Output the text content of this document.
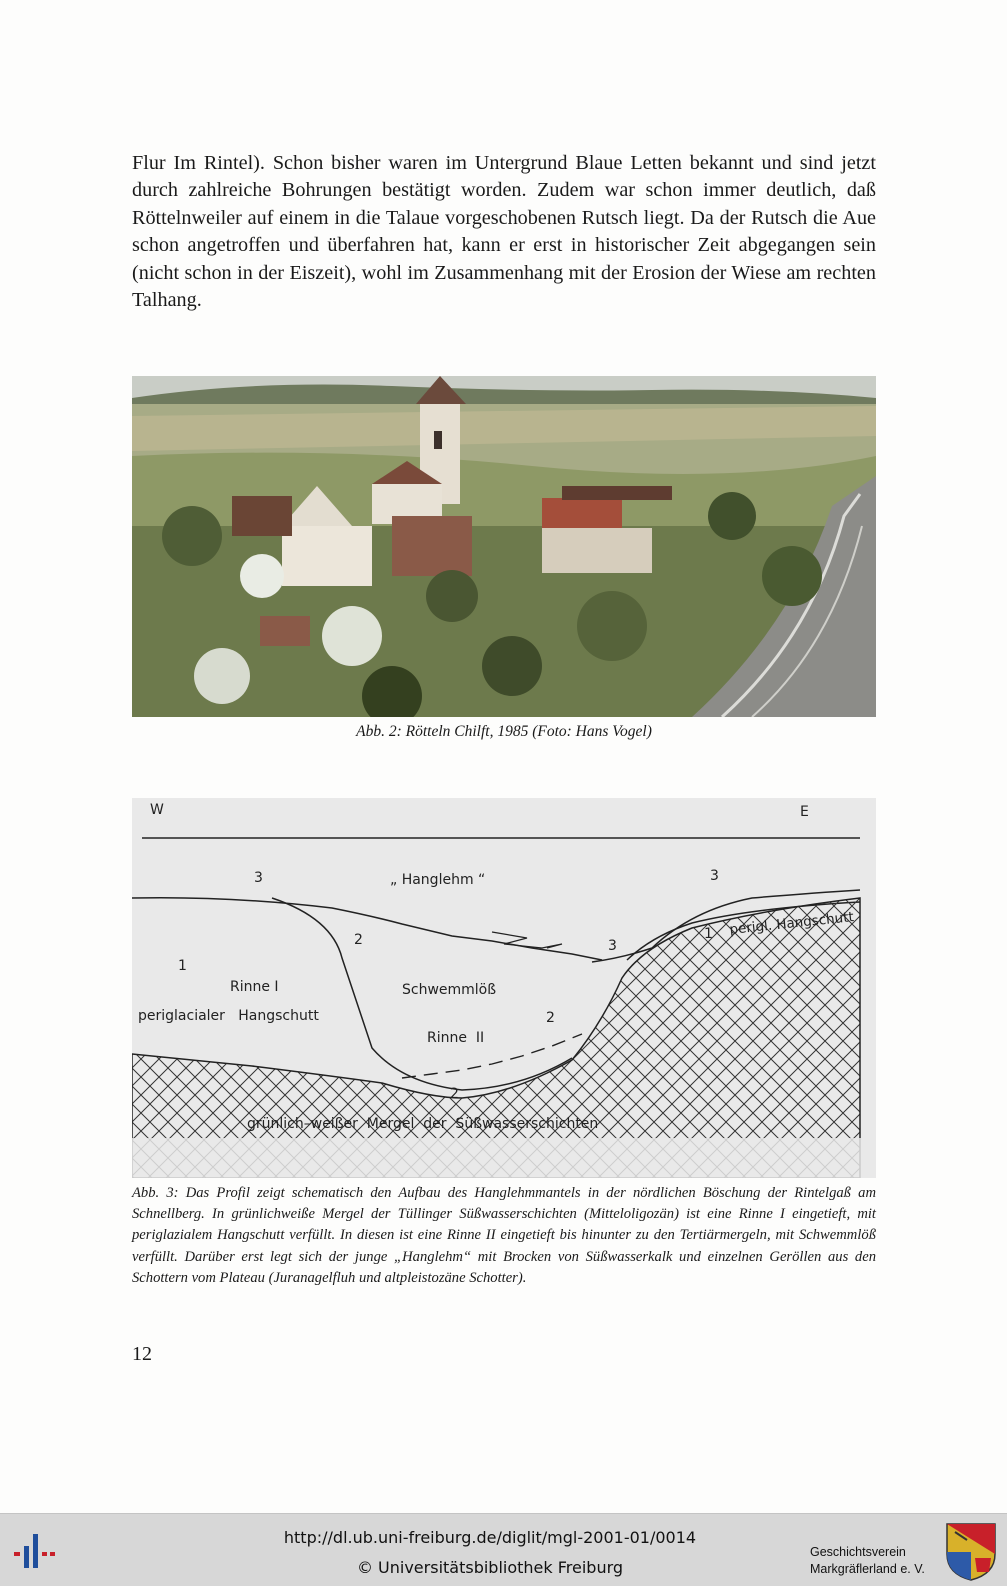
Flur Im Rintel). Schon bisher waren im Untergrund Blaue Letten bekannt und sind jetzt durch zahlreiche Bohrungen bestätigt worden. Zudem war schon immer deutlich, daß Röttelnweiler auf einem in die Talaue vorgeschobenen Rutsch liegt. Da der Rutsch die Aue schon angetroffen und überfahren hat, kann er erst in historischer Zeit abgegangen sein (nicht schon in der Eiszeit), wohl im Zusammenhang mit der Erosion der Wiese am rechten Talhang.

Abb. 2: Rötteln Chilft, 1985 (Foto: Hans Vogel)
W	E
3	„ Hanglehm “	3
2	3
1 perigl. Hangschutt
1
Rinne I
periglacialer   Hangschutt
Schwemmlöß
2
Rinne  II
2
grünlich–weißer  Mergel  der  Süßwasserschichten

Abb. 3: Das Profil zeigt schematisch den Aufbau des Hanglehmmantels in der nördlichen Böschung der Rintelgaß am Schnellberg. In grünlichweiße Mergel der Tüllinger Süßwasserschichten (Mitteloligozän) ist eine Rinne I eingetieft, mit periglazialem Hangschutt verfüllt. In diesen ist eine Rinne II eingetieft bis hinunter zu den Tertiärmergeln, mit Schwemmlöß verfüllt. Darüber erst legt sich der junge „Hanglehm“ mit Brocken von Süßwasserkalk und einzelnen Geröllen aus den Schottern vom Plateau (Juranagelfluh und altpleistozäne Schotter).

12
http://dl.ub.uni-freiburg.de/diglit/mgl-2001-01/0014
© Universitätsbibliothek Freiburg
Geschichtsverein
Markgräflerland e. V.
